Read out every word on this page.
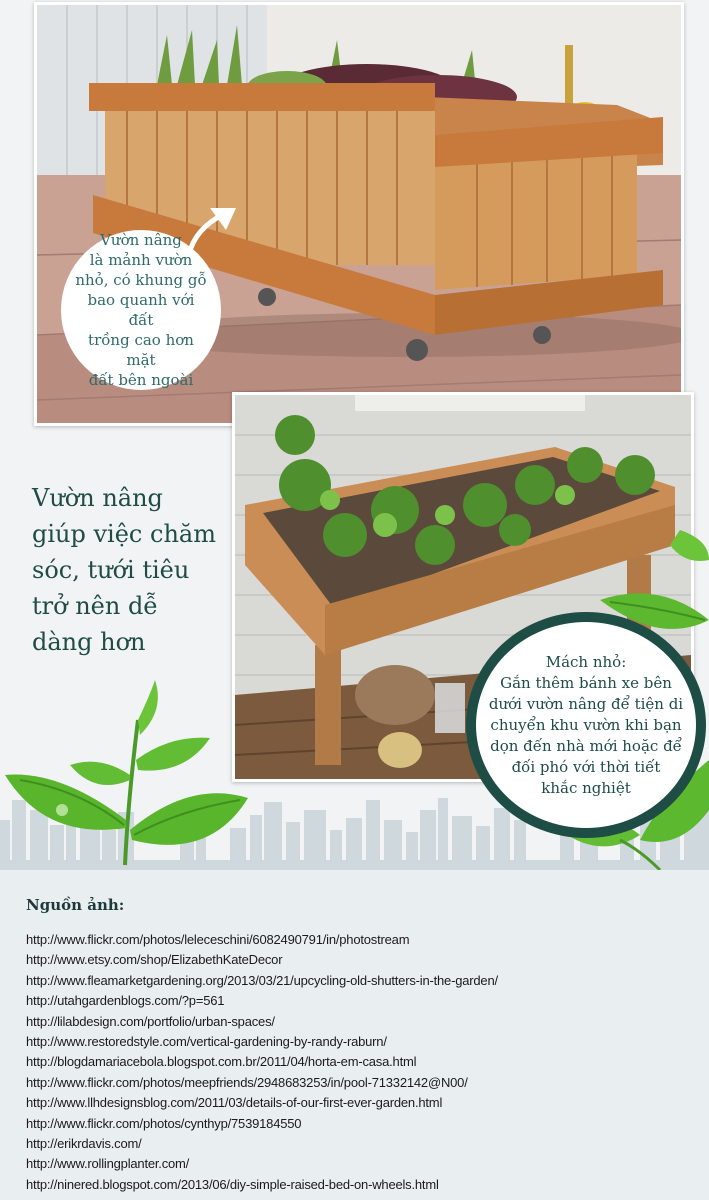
Vườn nâng
là mảnh vườn
nhỏ, có khung gỗ
bao quanh với đất
trồng cao hơn mặt
đất bên ngoài

Vườn nâng
giúp việc chăm
sóc, tưới tiêu
trở nên dễ
dàng hơn
Mách nhỏ:
Gắn thêm bánh xe bên
dưới vườn nâng để tiện di
chuyển khu vườn khi bạn
dọn đến nhà mới hoặc để
đối phó với thời tiết
khắc nghiệt
Nguồn ảnh:
http://www.flickr.com/photos/leleceschini/6082490791/in/photostream
http://www.etsy.com/shop/ElizabethKateDecor
http://www.fleamarketgardening.org/2013/03/21/upcycling-old-shutters-in-the-garden/
http://utahgardenblogs.com/?p=561
http://lilabdesign.com/portfolio/urban-spaces/
http://www.restoredstyle.com/vertical-gardening-by-randy-raburn/
http://blogdamariacebola.blogspot.com.br/2011/04/horta-em-casa.html
http://www.flickr.com/photos/meepfriends/2948683253/in/pool-71332142@N00/
http://www.llhdesignsblog.com/2011/03/details-of-our-first-ever-garden.html
http://www.flickr.com/photos/cynthyp/7539184550
http://erikrdavis.com/
http://www.rollingplanter.com/
http://ninered.blogspot.com/2013/06/diy-simple-raised-bed-on-wheels.html
